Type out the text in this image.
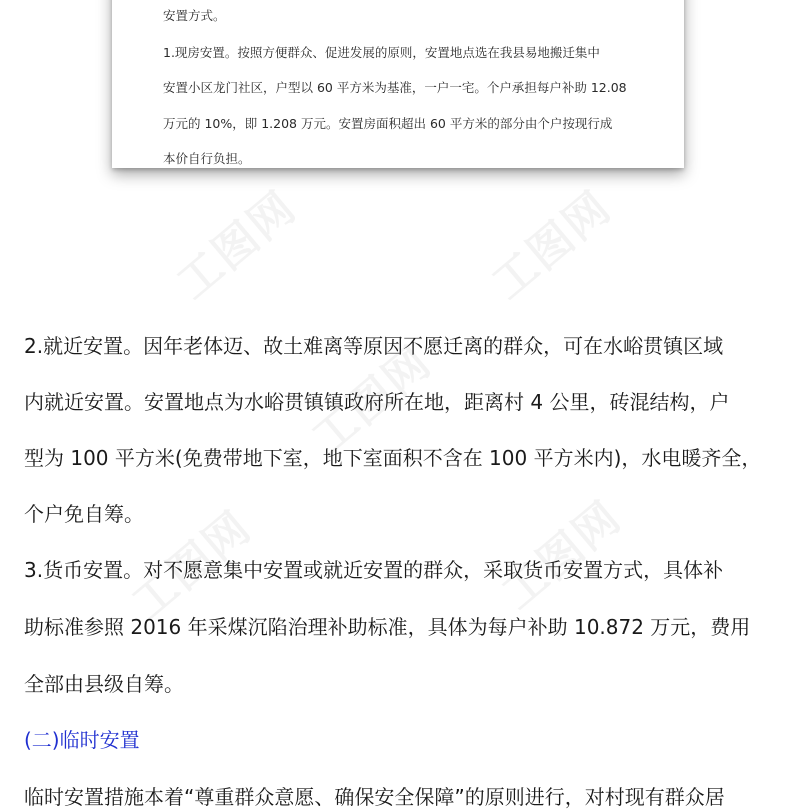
安置方式。
1.现房安置。按照方便群众、促进发展的原则，安置地点选在我县易地搬迁集中
安置小区龙门社区，户型以 60 平方米为基准，一户一宅。个户承担每户补助 12.08
万元的 10%，即 1.208 万元。安置房面积超出 60 平方米的部分由个户按现行成
本价自行负担。
工图网	工图网
工图网	工图网
工图网
2.就近安置。因年老体迈、故土难离等原因不愿迁离的群众，可在水峪贯镇区域
内就近安置。安置地点为水峪贯镇镇政府所在地，距离村 4 公里，砖混结构，户
型为 100 平方米(免费带地下室，地下室面积不含在 100 平方米内)，水电暖齐全，
个户免自筹。
3.货币安置。对不愿意集中安置或就近安置的群众，采取货币安置方式，具体补
助标准参照 2016 年采煤沉陷治理补助标准，具体为每户补助 10.872 万元，费用
全部由县级自筹。
(二)临时安置
临时安置措施本着“尊重群众意愿、确保安全保障”的原则进行，对村现有群众居
